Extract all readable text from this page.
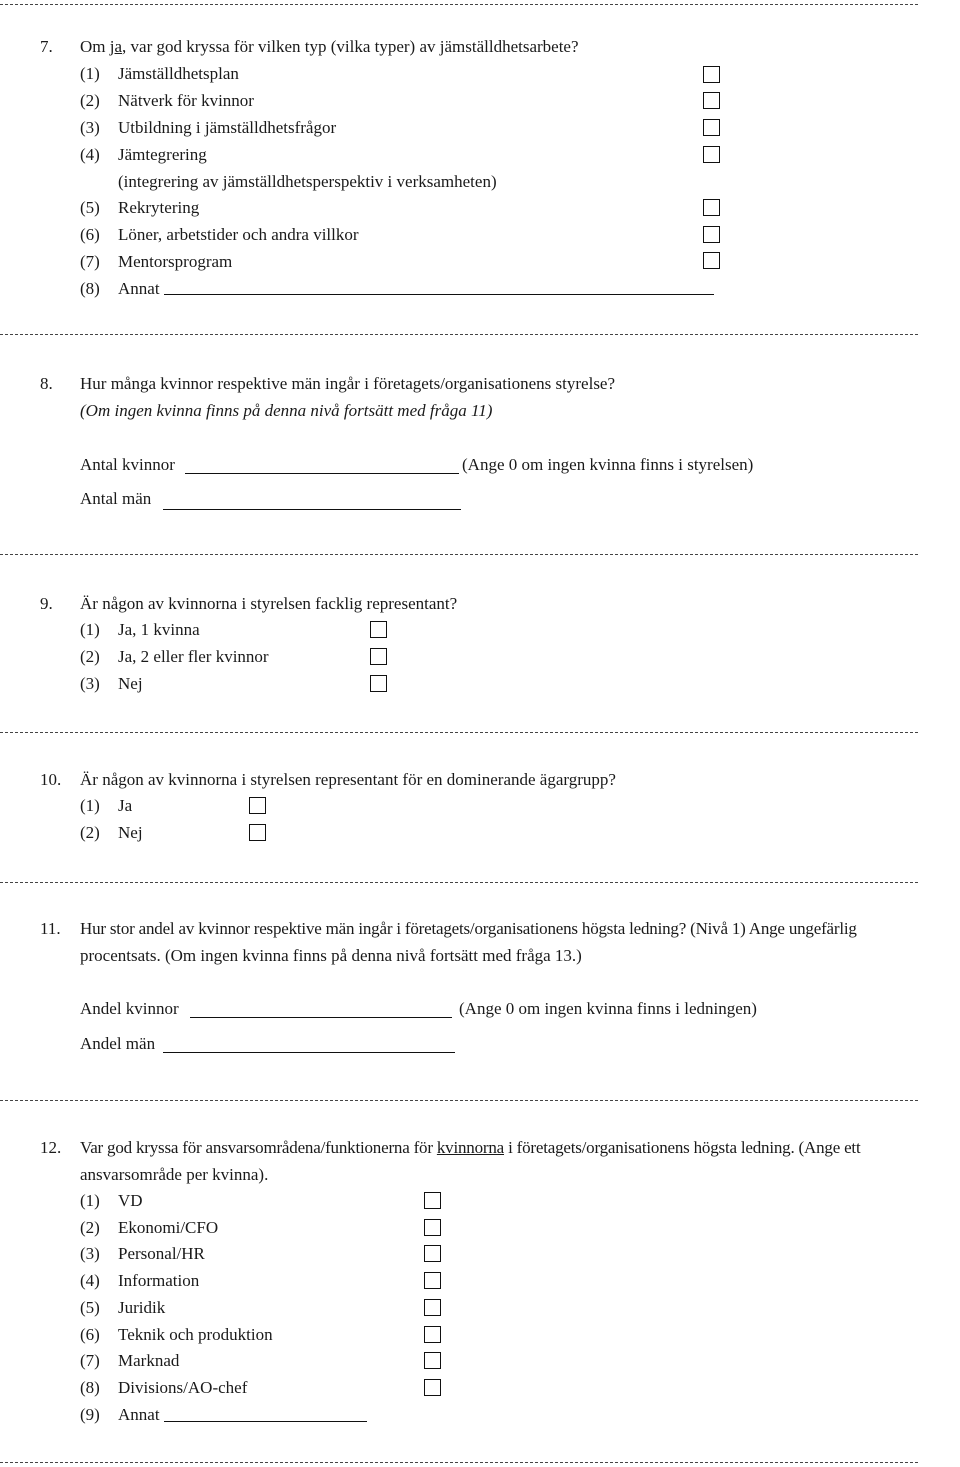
7. Om ja, var god kryssa för vilken typ (vilka typer) av jämställdhetsarbete?
(1) Jämställdhetsplan
(2) Nätverk för kvinnor
(3) Utbildning i jämställdhetsfrågor
(4) Jämtegrering
(integrering av jämställdhetsperspektiv i verksamheten)
(5) Rekrytering
(6) Löner, arbetstider och andra villkor
(7) Mentorsprogram
(8) Annat
8. Hur många kvinnor respektive män ingår i företagets/organisationens styrelse?
(Om ingen kvinna finns på denna nivå fortsätt med fråga 11)
Antal kvinnor	(Ange 0 om ingen kvinna finns i styrelsen)
Antal män
9. Är någon av kvinnorna i styrelsen facklig representant?
(1) Ja, 1 kvinna
(2) Ja, 2 eller fler kvinnor
(3) Nej
10. Är någon av kvinnorna i styrelsen representant för en dominerande ägargrupp?
(1) Ja
(2) Nej
11. Hur stor andel av kvinnor respektive män ingår i företagets/organisationens högsta ledning? (Nivå 1) Ange ungefärlig
procentsats. (Om ingen kvinna finns på denna nivå fortsätt med fråga 13.)
Andel kvinnor	(Ange 0 om ingen kvinna finns i ledningen)
Andel män
12. Var god kryssa för ansvarsområdena/funktionerna för kvinnorna i företagets/organisationens högsta ledning. (Ange ett
ansvarsområde per kvinna).
(1) VD
(2) Ekonomi/CFO
(3) Personal/HR
(4) Information
(5) Juridik
(6) Teknik och produktion
(7) Marknad
(8) Divisions/AO-chef
(9) Annat
